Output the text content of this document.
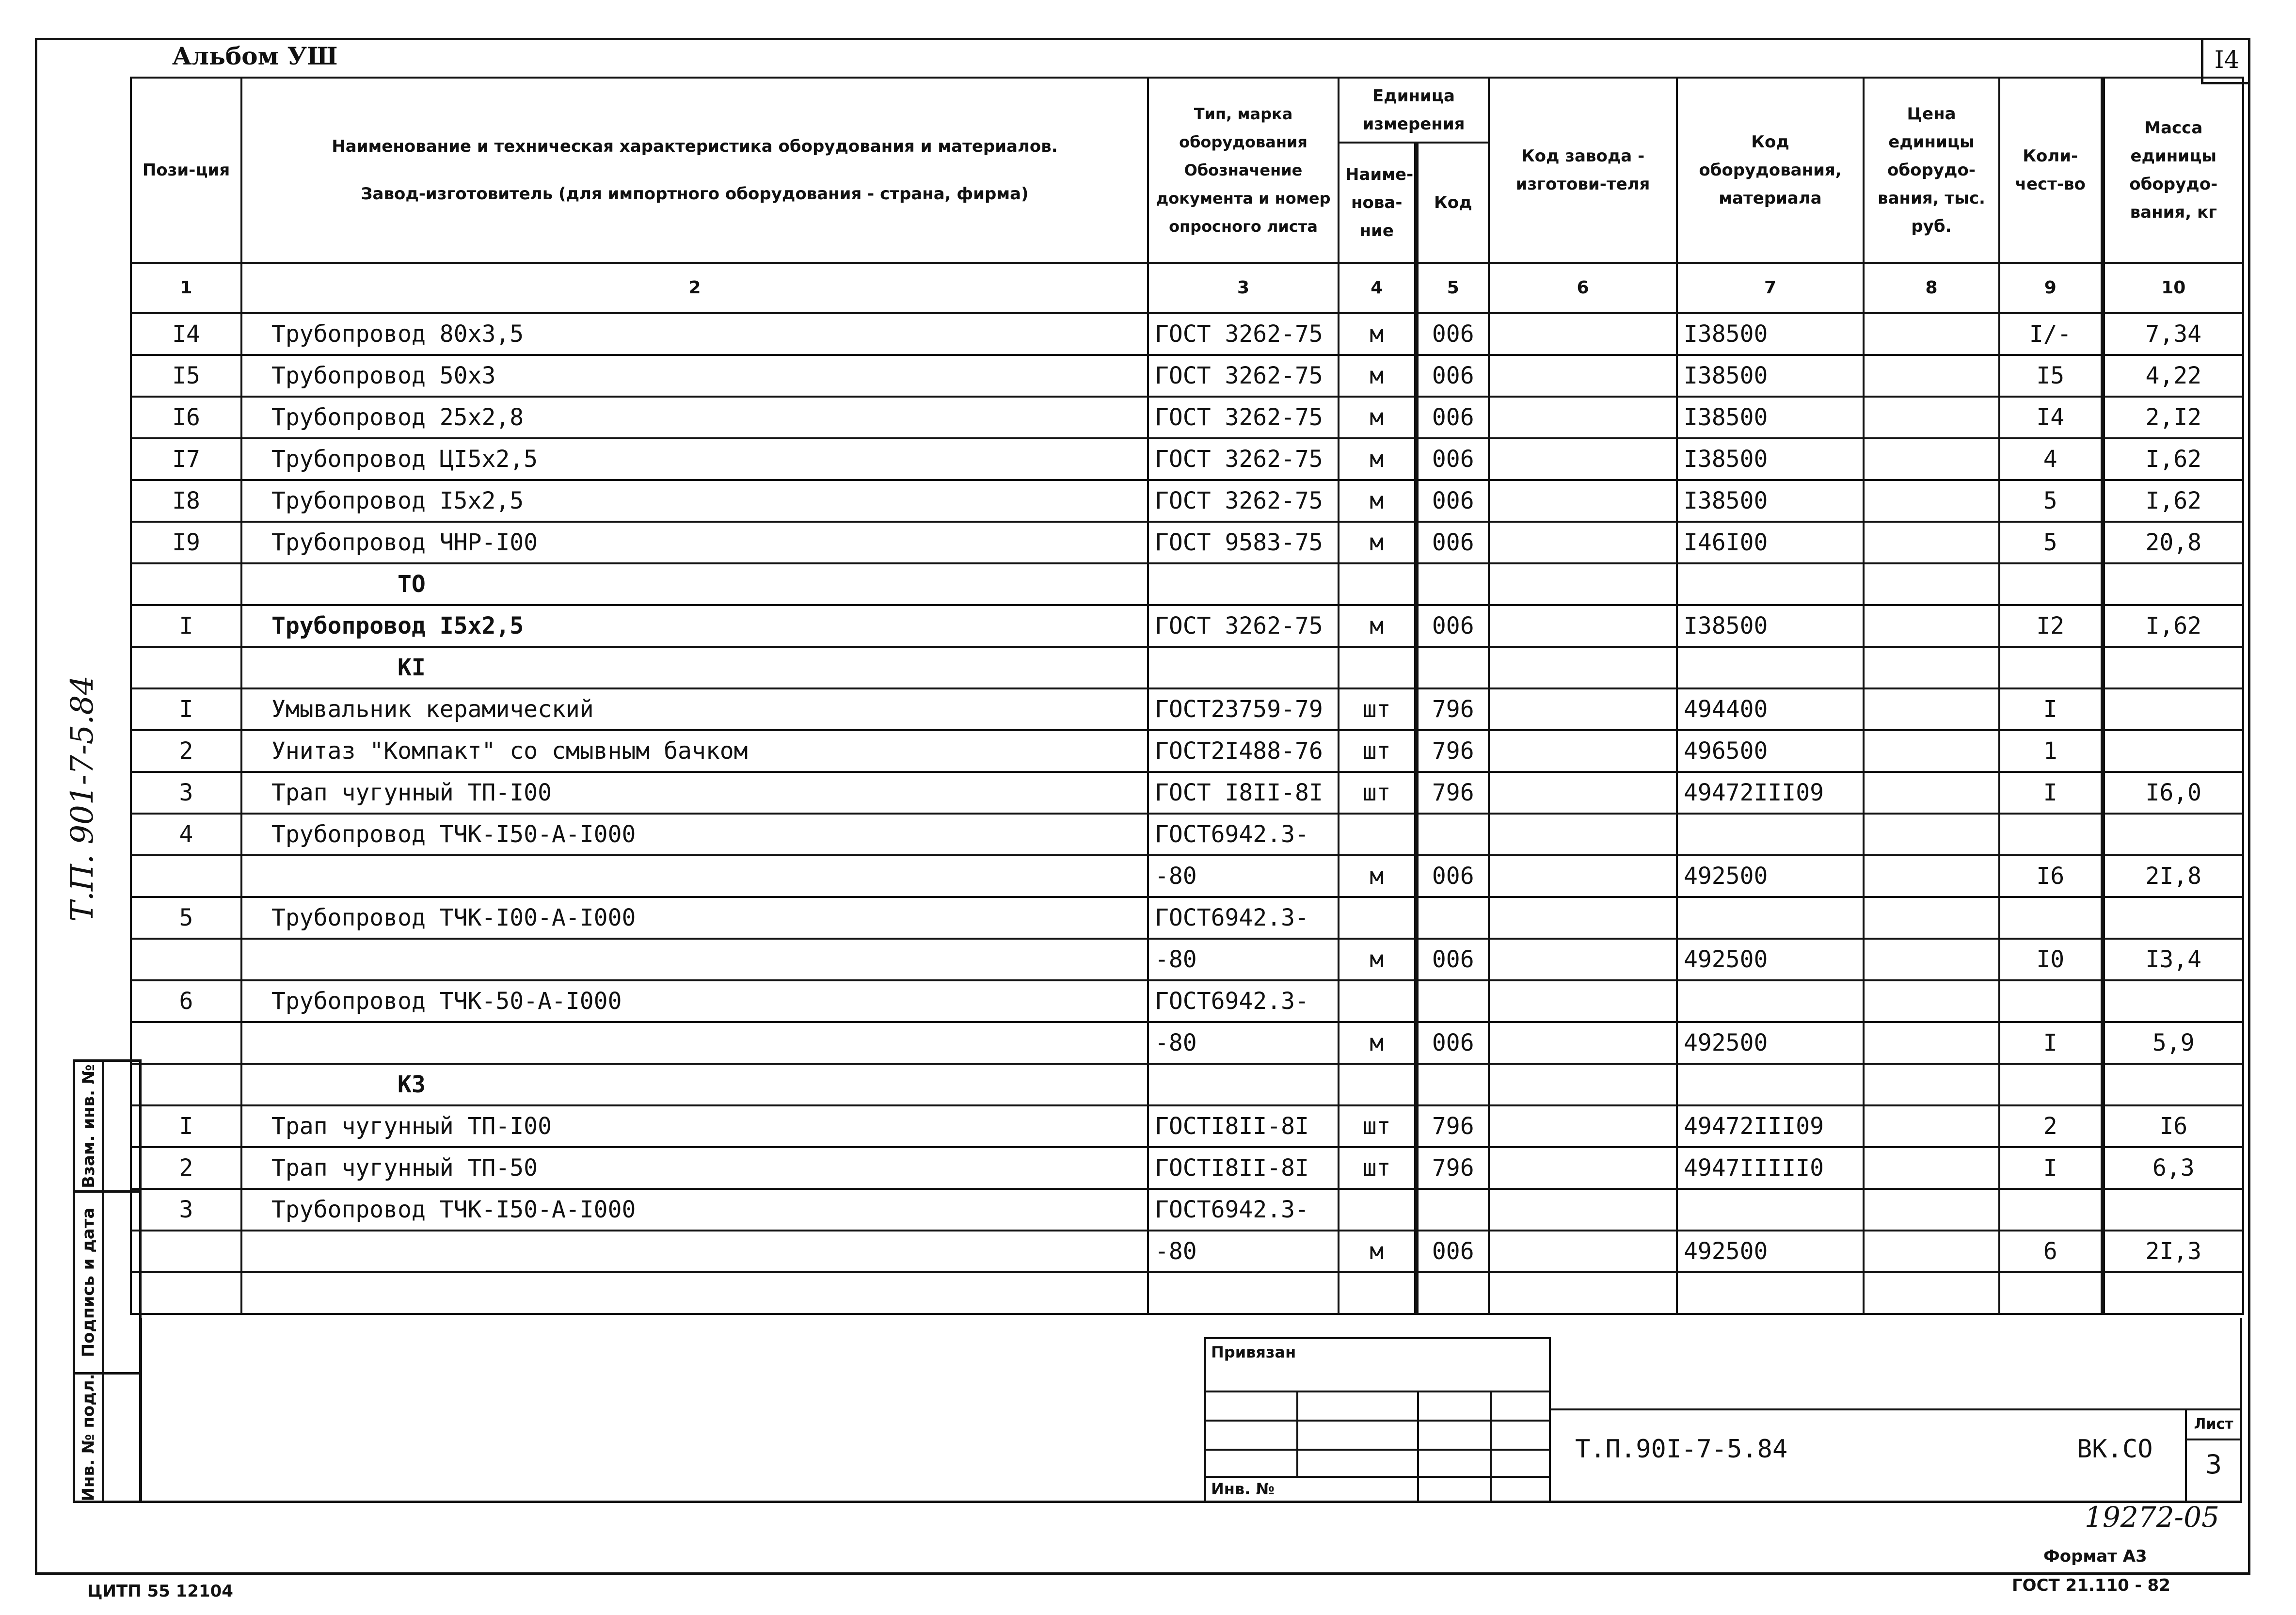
Альбом УШ	I4
Т.П. 901-7-5.84
Пози-ция	Наименование и техническая характеристика оборудования и материалов.
Завод-изготовитель (для импортного оборудования - страна, фирма)	Тип, марка оборудования Обозначение документа и номер опросного листа	Единица измерения		Код завода - изготови-теля	Код оборудования, материала	Цена единицы оборудо-вания, тыс. руб.	Коли-чест-во	Масса единицы оборудо-вания, кг
			Наиме-нова-ние	Код					
1	2	3	4	5	6	7	8	9	10
I4	Трубопровод 80x3,5	ГОСТ 3262-75	м	006		I38500		I/-	7,34
I5	Трубопровод 50x3	ГОСТ 3262-75	м	006		I38500		I5	4,22
I6	Трубопровод 25x2,8	ГОСТ 3262-75	м	006		I38500		I4	2,I2
I7	Трубопровод ЦI5x2,5	ГОСТ 3262-75	м	006		I38500		4	I,62
I8	Трубопровод I5x2,5	ГОСТ 3262-75	м	006		I38500		5	I,62
I9	Трубопровод ЧНР-I00	ГОСТ 9583-75	м	006		I46I00		5	20,8
	ТО								
I	Трубопровод I5x2,5	ГОСТ 3262-75	м	006		I38500		I2	I,62
	КI								
I	Умывальник керамический	ГОСТ23759-79	шт	796		494400		I	
2	Унитаз "Компакт" со смывным бачком	ГОСТ2I488-76	шт	796		496500		1	
3	Трап чугунный ТП-I00	ГОСТ I8II-8I	шт	796		49472III09		I	I6,0
4	Трубопровод ТЧК-I50-А-I000	ГОСТ6942.3-							
		-80	м	006		492500		I6	2I,8
5	Трубопровод ТЧК-I00-А-I000	ГОСТ6942.3-							
		-80	м	006		492500		I0	I3,4
6	Трубопровод ТЧК-50-А-I000	ГОСТ6942.3-							
		-80	м	006		492500		I	5,9
	К3								
I	Трап чугунный ТП-I00	ГОСТI8II-8I	шт	796		49472III09		2	I6
2	Трап чугунный ТП-50	ГОСТI8II-8I	шт	796		4947IIIII0		I	6,3
3	Трубопровод ТЧК-I50-А-I000	ГОСТ6942.3-							
		-80	м	006		492500		6	2I,3

Взам. инв. №
Подпись и дата
Инв. № подл.
Привязан
Инв. №
Т.П.90I-7-5.84	ВК.СО
Лист
3
19272-05
Формат А3
ГОСТ 21.110 - 82
ЦИТП 55 12104
